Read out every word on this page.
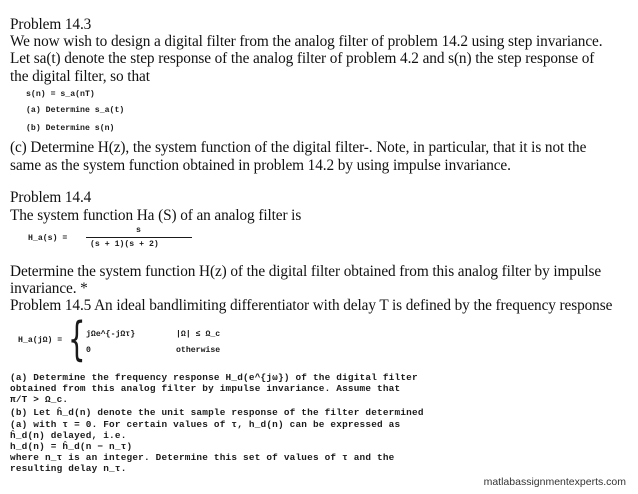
Problem 14.3
We now wish to design a digital filter from the analog filter of problem 14.2 using step invariance.
Let sa(t) denote the step response of the analog filter of problem 4.2 and s(n) the step response of
the digital filter, so that
s(n) = s_a(nT)
(a) Determine s_a(t)
(b) Determine s(n)
(c) Determine H(z), the system function of the digital filter-. Note, in particular, that it is not the
same as the system function obtained in problem 14.2 by using impulse invariance.
Problem 14.4
The system function Ha (S) of an analog filter is
H_a(s) =
s
(s + 1)(s + 2)
Determine the system function H(z) of the digital filter obtained from this analog filter by impulse
invariance. *
Problem 14.5 An ideal bandlimiting differentiator with delay T is defined by the frequency response
H_a(jΩ) = { jΩe^{-jΩτ}	|Ω| ≤ Ω_c
0	otherwise
(a) Determine the frequency response H_d(e^{jω}) of the digital filter
obtained from this analog filter by impulse invariance. Assume that
π/T > Ω_c.
(b) Let ĥ_d(n) denote the unit sample response of the filter determined
(a) with τ = 0. For certain values of τ, h_d(n) can be expressed as
ĥ_d(n) delayed, i.e.
h_d(n) = ĥ_d(n − n_τ)
where n_τ is an integer. Determine this set of values of τ and the
resulting delay n_τ.
matlabassignmentexperts.com
